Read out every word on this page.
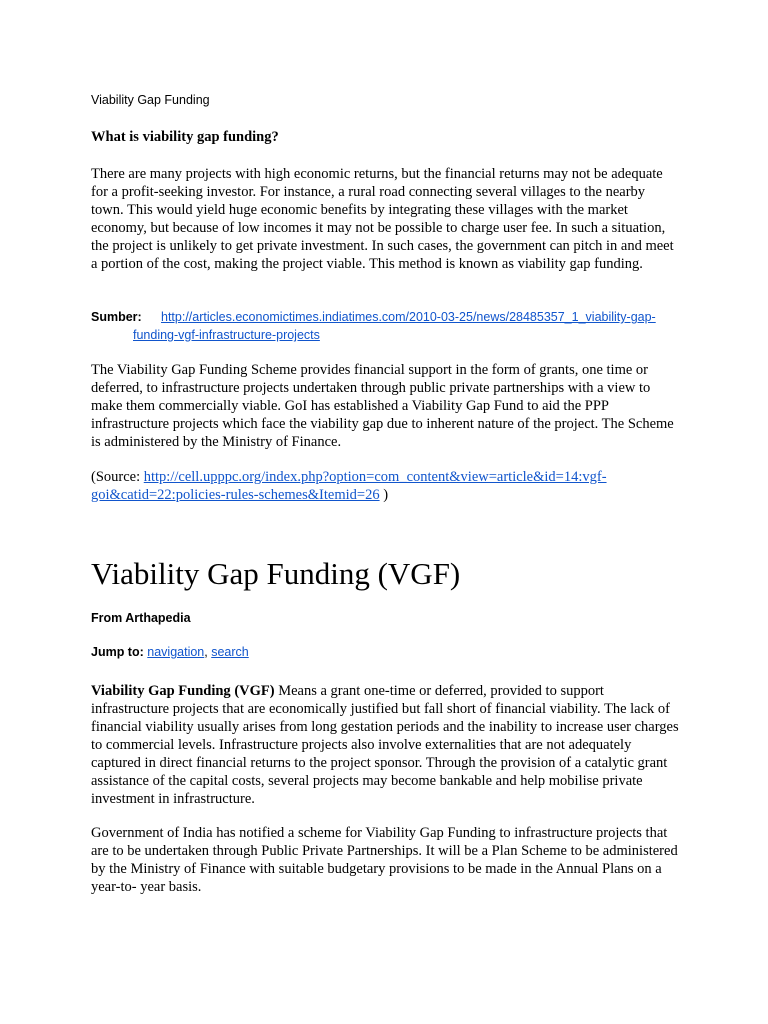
Viability Gap Funding
What is viability gap funding?

There are many projects with high economic returns, but the financial returns may not be adequate for a profit-seeking investor. For instance, a rural road connecting several villages to the nearby town. This would yield huge economic benefits by integrating these villages with the market economy, but because of low incomes it may not be possible to charge user fee. In such a situation, the project is unlikely to get private investment. In such cases, the government can pitch in and meet a portion of the cost, making the project viable. This method is known as viability gap funding.

Sumber: http://articles.economictimes.indiatimes.com/2010-03-25/news/28485357_1_viability-gap-
funding-vgf-infrastructure-projects

The Viability Gap Funding Scheme provides financial support in the form of grants, one time or deferred, to infrastructure projects undertaken through public private partnerships with a view to make them commercially viable. GoI has established a Viability Gap Fund to aid the PPP infrastructure projects which face the viability gap due to inherent nature of the project. The Scheme is administered by the Ministry of Finance.

(Source: http://cell.upppc.org/index.php?option=com_content&view=article&id=14:vgf-goi&catid=22:policies-rules-schemes&Itemid=26 )

Viability Gap Funding (VGF)
From Arthapedia
Jump to: navigation, search

Viability Gap Funding (VGF) Means a grant one-time or deferred, provided to support infrastructure projects that are economically justified but fall short of financial viability. The lack of financial viability usually arises from long gestation periods and the inability to increase user charges to commercial levels. Infrastructure projects also involve externalities that are not adequately captured in direct financial returns to the project sponsor. Through the provision of a catalytic grant assistance of the capital costs, several projects may become bankable and help mobilise private investment in infrastructure.

Government of India has notified a scheme for Viability Gap Funding to infrastructure projects that are to be undertaken through Public Private Partnerships. It will be a Plan Scheme to be administered by the Ministry of Finance with suitable budgetary provisions to be made in the Annual Plans on a year-to- year basis.
